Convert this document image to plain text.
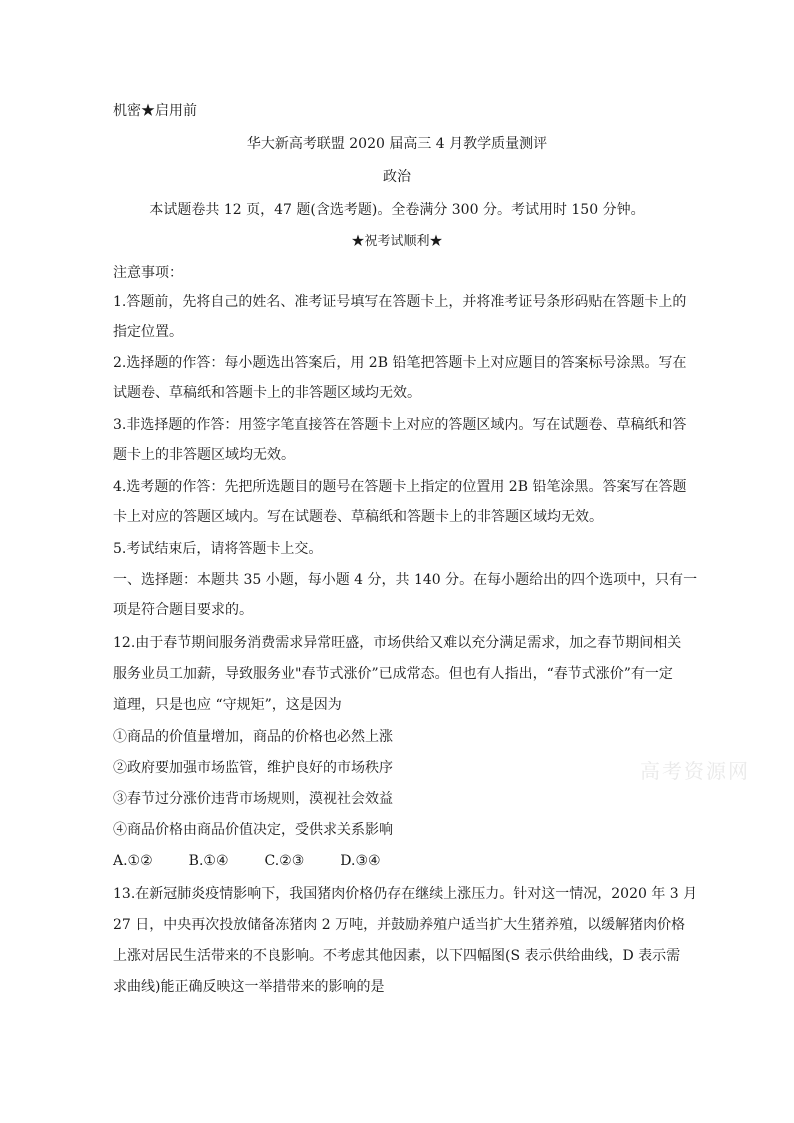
机密★启用前
华大新高考联盟 2020 届高三 4 月教学质量测评
政治
本试题卷共 12 页，47 题(含选考题)。全卷满分 300 分。考试用时 150 分钟。
★祝考试顺利★
注意事项：
1.答题前，先将自己的姓名、准考证号填写在答题卡上，并将准考证号条形码贴在答题卡上的
指定位置。
2.选择题的作答：每小题选出答案后，用 2B 铅笔把答题卡上对应题目的答案标号涂黑。写在
试题卷、草稿纸和答题卡上的非答题区域均无效。
3.非选择题的作答：用签字笔直接答在答题卡上对应的答题区域内。写在试题卷、草稿纸和答
题卡上的非答题区域均无效。
4.选考题的作答：先把所选题目的题号在答题卡上指定的位置用 2B 铅笔涂黑。答案写在答题
卡上对应的答题区域内。写在试题卷、草稿纸和答题卡上的非答题区域均无效。
5.考试结束后，请将答题卡上交。
一、选择题：本题共 35 小题，每小题 4 分，共 140 分。在每小题给出的四个选项中，只有一
项是符合题目要求的。
12.由于春节期间服务消费需求异常旺盛，市场供给又难以充分满足需求，加之春节期间相关
服务业员工加薪，导致服务业"春节式涨价”已成常态。但也有人指出，“春节式涨价”有一定
道理，只是也应 “守规矩”，这是因为
①商品的价值量增加，商品的价格也必然上涨
②政府要加强市场监管，维护良好的市场秩序
③春节过分涨价违背市场规则，漠视社会效益
④商品价格由商品价值决定，受供求关系影响
A.①②	B.①④	C.②③	D.③④
13.在新冠肺炎疫情影响下，我国猪肉价格仍存在继续上涨压力。针对这一情况，2020 年 3 月
27 日，中央再次投放储备冻猪肉 2 万吨，并鼓励养殖户适当扩大生猪养殖，以缓解猪肉价格
上涨对居民生活带来的不良影响。不考虑其他因素，以下四幅图(S 表示供给曲线，D 表示需
求曲线)能正确反映这一举措带来的影响的是
高考资源网
